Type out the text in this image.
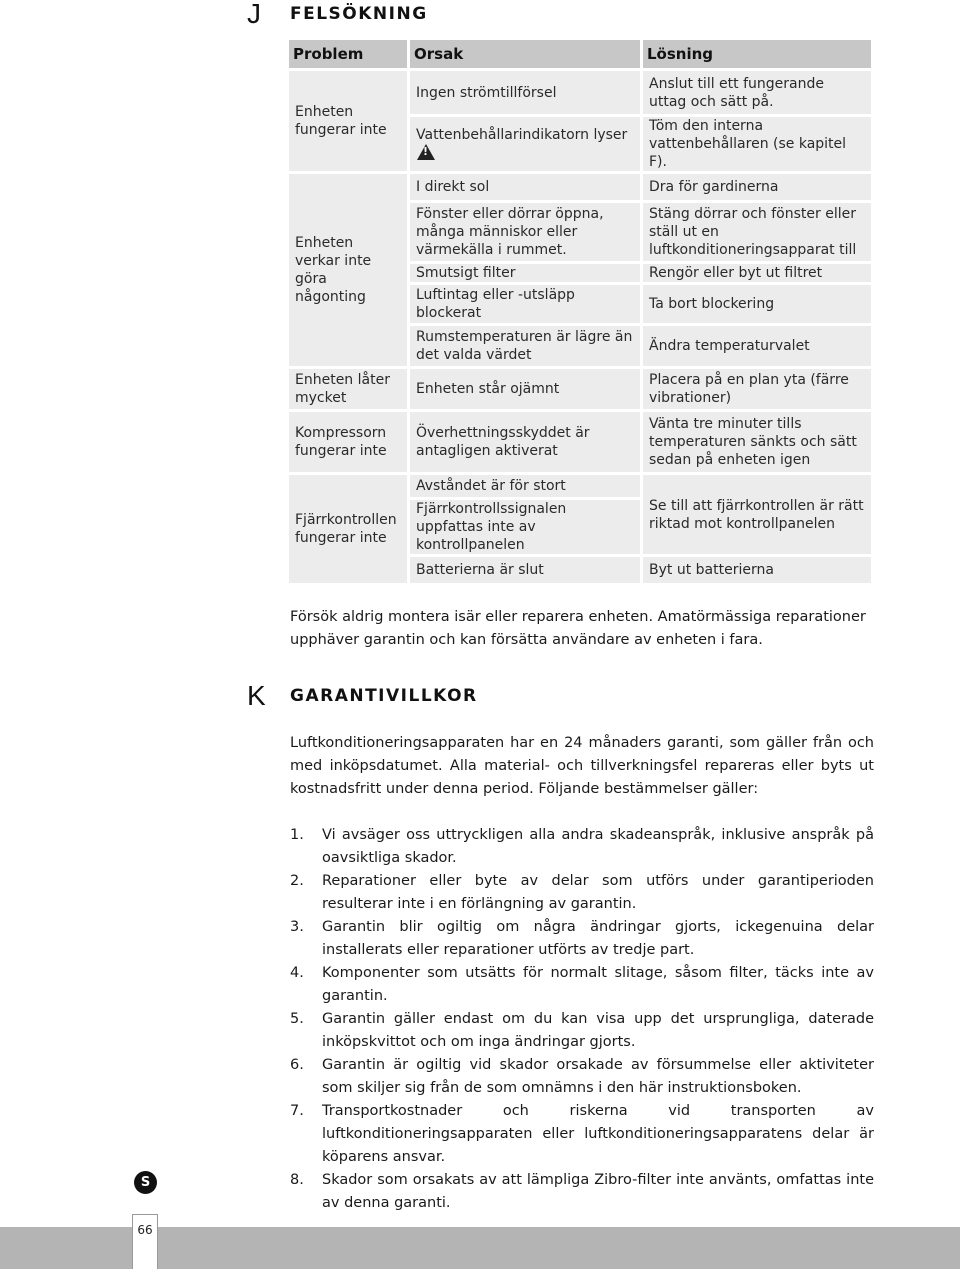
J FELSÖKNING
Problem	Orsak	Lösning
Enheten fungerar inte	Ingen strömtillförsel	Anslut till ett fungerande uttag och sätt på.
	Vattenbehållarindikatorn lyser!	Töm den interna vattenbehållaren (se kapitel F).
Enheten verkar inte göra någonting	I direkt sol	Dra för gardinerna
	Fönster eller dörrar öppna, många människor eller värmekälla i rummet.	Stäng dörrar och fönster eller ställ ut en luftkonditioneringsapparat till
	Smutsigt filter	Rengör eller byt ut filtret
	Luftintag eller -utsläpp blockerat	Ta bort blockering
	Rumstemperaturen är lägre än det valda värdet	Ändra temperaturvalet
Enheten låter mycket	Enheten står ojämnt	Placera på en plan yta (färre vibrationer)
Kompressorn fungerar inte	Överhettningsskyddet är antagligen aktiverat	Vänta tre minuter tills temperaturen sänkts och sätt sedan på enheten igen
Fjärrkontrollen fungerar inte	Avståndet är för stort	Se till att fjärrkontrollen är rätt riktad mot kontrollpanelen
	Fjärrkontrollssignalen uppfattas inte av kontrollpanelen	
	Batterierna är slut	Byt ut batterierna
Försök aldrig montera isär eller reparera enheten. Amatörmässiga reparationer upphäver garantin och kan försätta användare av enheten i fara.
K GARANTIVILLKOR
Luftkonditioneringsapparaten har en 24 månaders garanti, som gäller från och med inköpsdatumet. Alla material- och tillverkningsfel repareras eller byts ut kostnadsfritt under denna period. Följande bestämmelser gäller:
1. Vi avsäger oss uttryckligen alla andra skadeanspråk, inklusive anspråk på oavsiktliga skador.
2. Reparationer eller byte av delar som utförs under garantiperioden resulterar inte i en förlängning av garantin.
3. Garantin blir ogiltig om några ändringar gjorts, ickegenuina delar installerats eller reparationer utförts av tredje part.
4. Komponenter som utsätts för normalt slitage, såsom filter, täcks inte av garantin.
5. Garantin gäller endast om du kan visa upp det ursprungliga, daterade inköpskvittot och om inga ändringar gjorts.
6. Garantin är ogiltig vid skador orsakade av försummelse eller aktiviteter som skiljer sig från de som omnämns i den här instruktionsboken.
7. Transportkostnader och riskerna vid transporten av luftkonditioneringsapparaten eller luftkonditioneringsapparatens delar är köparens ansvar.
8. Skador som orsakats av att lämpliga Zibro-filter inte använts, omfattas inte av denna garanti.
S
66
